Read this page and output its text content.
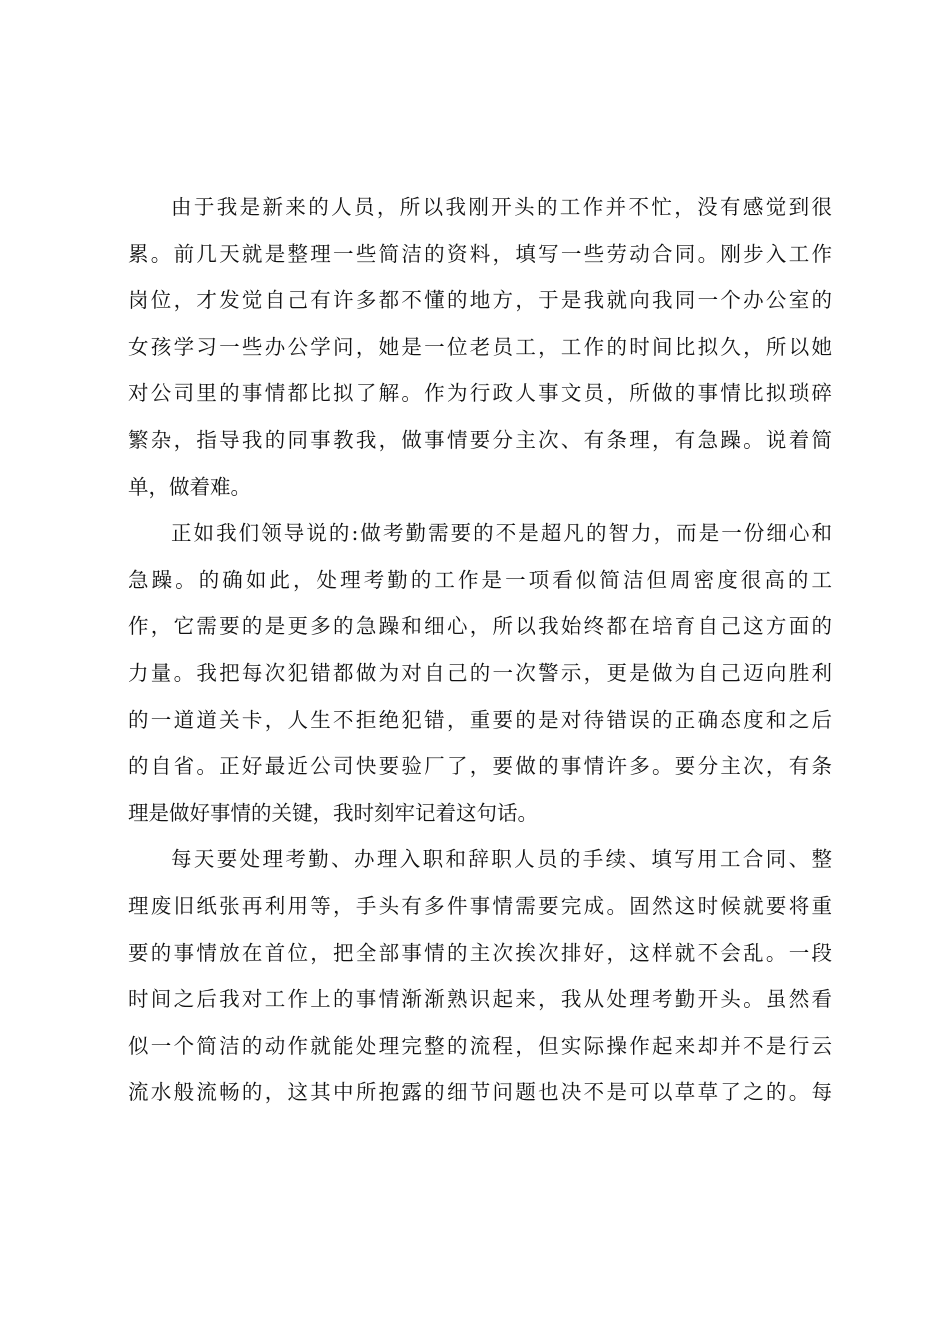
由于我是新来的人员，所以我刚开头的工作并不忙，没有感觉到很
累。前几天就是整理一些简洁的资料，填写一些劳动合同。刚步入工作
岗位，才发觉自己有许多都不懂的地方，于是我就向我同一个办公室的
女孩学习一些办公学问，她是一位老员工，工作的时间比拟久，所以她
对公司里的事情都比拟了解。作为行政人事文员，所做的事情比拟琐碎
繁杂，指导我的同事教我，做事情要分主次、有条理，有急躁。说着简
单，做着难。
正如我们领导说的:做考勤需要的不是超凡的智力，而是一份细心和
急躁。的确如此，处理考勤的工作是一项看似简洁但周密度很高的工
作，它需要的是更多的急躁和细心，所以我始终都在培育自己这方面的
力量。我把每次犯错都做为对自己的一次警示，更是做为自己迈向胜利
的一道道关卡，人生不拒绝犯错，重要的是对待错误的正确态度和之后
的自省。正好最近公司快要验厂了，要做的事情许多。要分主次，有条
理是做好事情的关键，我时刻牢记着这句话。
每天要处理考勤、办理入职和辞职人员的手续、填写用工合同、整
理废旧纸张再利用等，手头有多件事情需要完成。固然这时候就要将重
要的事情放在首位，把全部事情的主次挨次排好，这样就不会乱。一段
时间之后我对工作上的事情渐渐熟识起来，我从处理考勤开头。虽然看
似一个简洁的动作就能处理完整的流程，但实际操作起来却并不是行云
流水般流畅的，这其中所抱露的细节问题也决不是可以草草了之的。每
